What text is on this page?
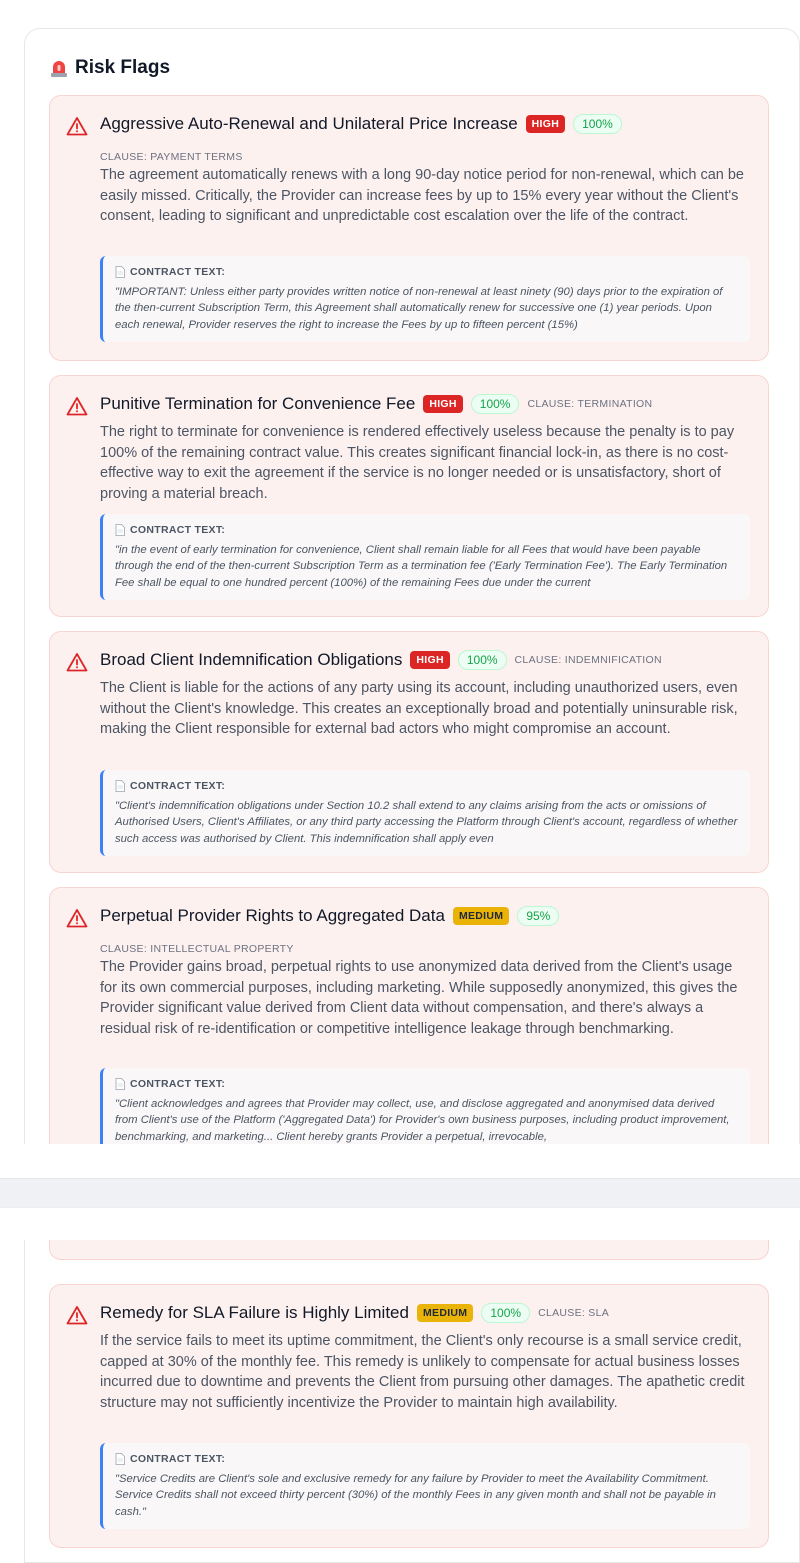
Risk Flags
Aggressive Auto-Renewal and Unilateral Price Increase	HIGH	100%
CLAUSE: PAYMENT TERMS
The agreement automatically renews with a long 90-day notice period for non-renewal, which can be easily missed. Critically, the Provider can increase fees by up to 15% every year without the Client's consent, leading to significant and unpredictable cost escalation over the life of the contract.
CONTRACT TEXT:
"IMPORTANT: Unless either party provides written notice of non-renewal at least ninety (90) days prior to the expiration of the then-current Subscription Term, this Agreement shall automatically renew for successive one (1) year periods. Upon each renewal, Provider reserves the right to increase the Fees by up to fifteen percent (15%)
Punitive Termination for Convenience Fee	HIGH	100%	CLAUSE: TERMINATION
The right to terminate for convenience is rendered effectively useless because the penalty is to pay 100% of the remaining contract value. This creates significant financial lock-in, as there is no cost-effective way to exit the agreement if the service is no longer needed or is unsatisfactory, short of proving a material breach.
CONTRACT TEXT:
"in the event of early termination for convenience, Client shall remain liable for all Fees that would have been payable through the end of the then-current Subscription Term as a termination fee ('Early Termination Fee'). The Early Termination Fee shall be equal to one hundred percent (100%) of the remaining Fees due under the current
Broad Client Indemnification Obligations	HIGH	100%	CLAUSE: INDEMNIFICATION
The Client is liable for the actions of any party using its account, including unauthorized users, even without the Client's knowledge. This creates an exceptionally broad and potentially uninsurable risk, making the Client responsible for external bad actors who might compromise an account.
CONTRACT TEXT:
"Client's indemnification obligations under Section 10.2 shall extend to any claims arising from the acts or omissions of Authorised Users, Client's Affiliates, or any third party accessing the Platform through Client's account, regardless of whether such access was authorised by Client. This indemnification shall apply even
Perpetual Provider Rights to Aggregated Data	MEDIUM	95%
CLAUSE: INTELLECTUAL PROPERTY
The Provider gains broad, perpetual rights to use anonymized data derived from the Client's usage for its own commercial purposes, including marketing. While supposedly anonymized, this gives the Provider significant value derived from Client data without compensation, and there's always a residual risk of re-identification or competitive intelligence leakage through benchmarking.
CONTRACT TEXT:
"Client acknowledges and agrees that Provider may collect, use, and disclose aggregated and anonymised data derived from Client's use of the Platform ('Aggregated Data') for Provider's own business purposes, including product improvement, benchmarking, and marketing... Client hereby grants Provider a perpetual, irrevocable,
Remedy for SLA Failure is Highly Limited	MEDIUM	100%	CLAUSE: SLA
If the service fails to meet its uptime commitment, the Client's only recourse is a small service credit, capped at 30% of the monthly fee. This remedy is unlikely to compensate for actual business losses incurred due to downtime and prevents the Client from pursuing other damages. The apathetic credit structure may not sufficiently incentivize the Provider to maintain high availability.
CONTRACT TEXT:
"Service Credits are Client's sole and exclusive remedy for any failure by Provider to meet the Availability Commitment. Service Credits shall not exceed thirty percent (30%) of the monthly Fees in any given month and shall not be payable in cash."
